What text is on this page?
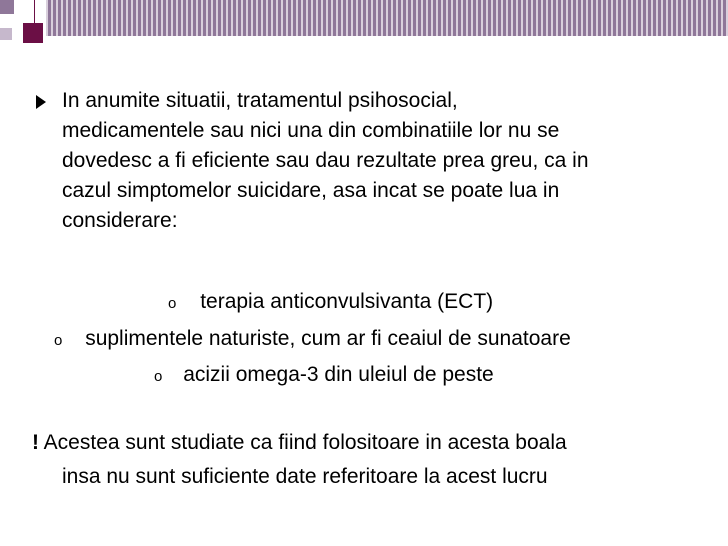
In anumite situatii, tratamentul psihosocial,
medicamentele sau nici una din combinatiile lor nu se
dovedesc a fi eficiente sau dau rezultate prea greu, ca in
cazul simptomelor suicidare, asa incat se poate lua in
considerare:
o terapia anticonvulsivanta (ECT)
o suplimentele naturiste, cum ar fi ceaiul de sunatoare
o acizii omega-3 din uleiul de peste
! Acestea sunt studiate ca fiind folositoare in acesta boala
insa nu sunt suficiente date referitoare la acest lucru
